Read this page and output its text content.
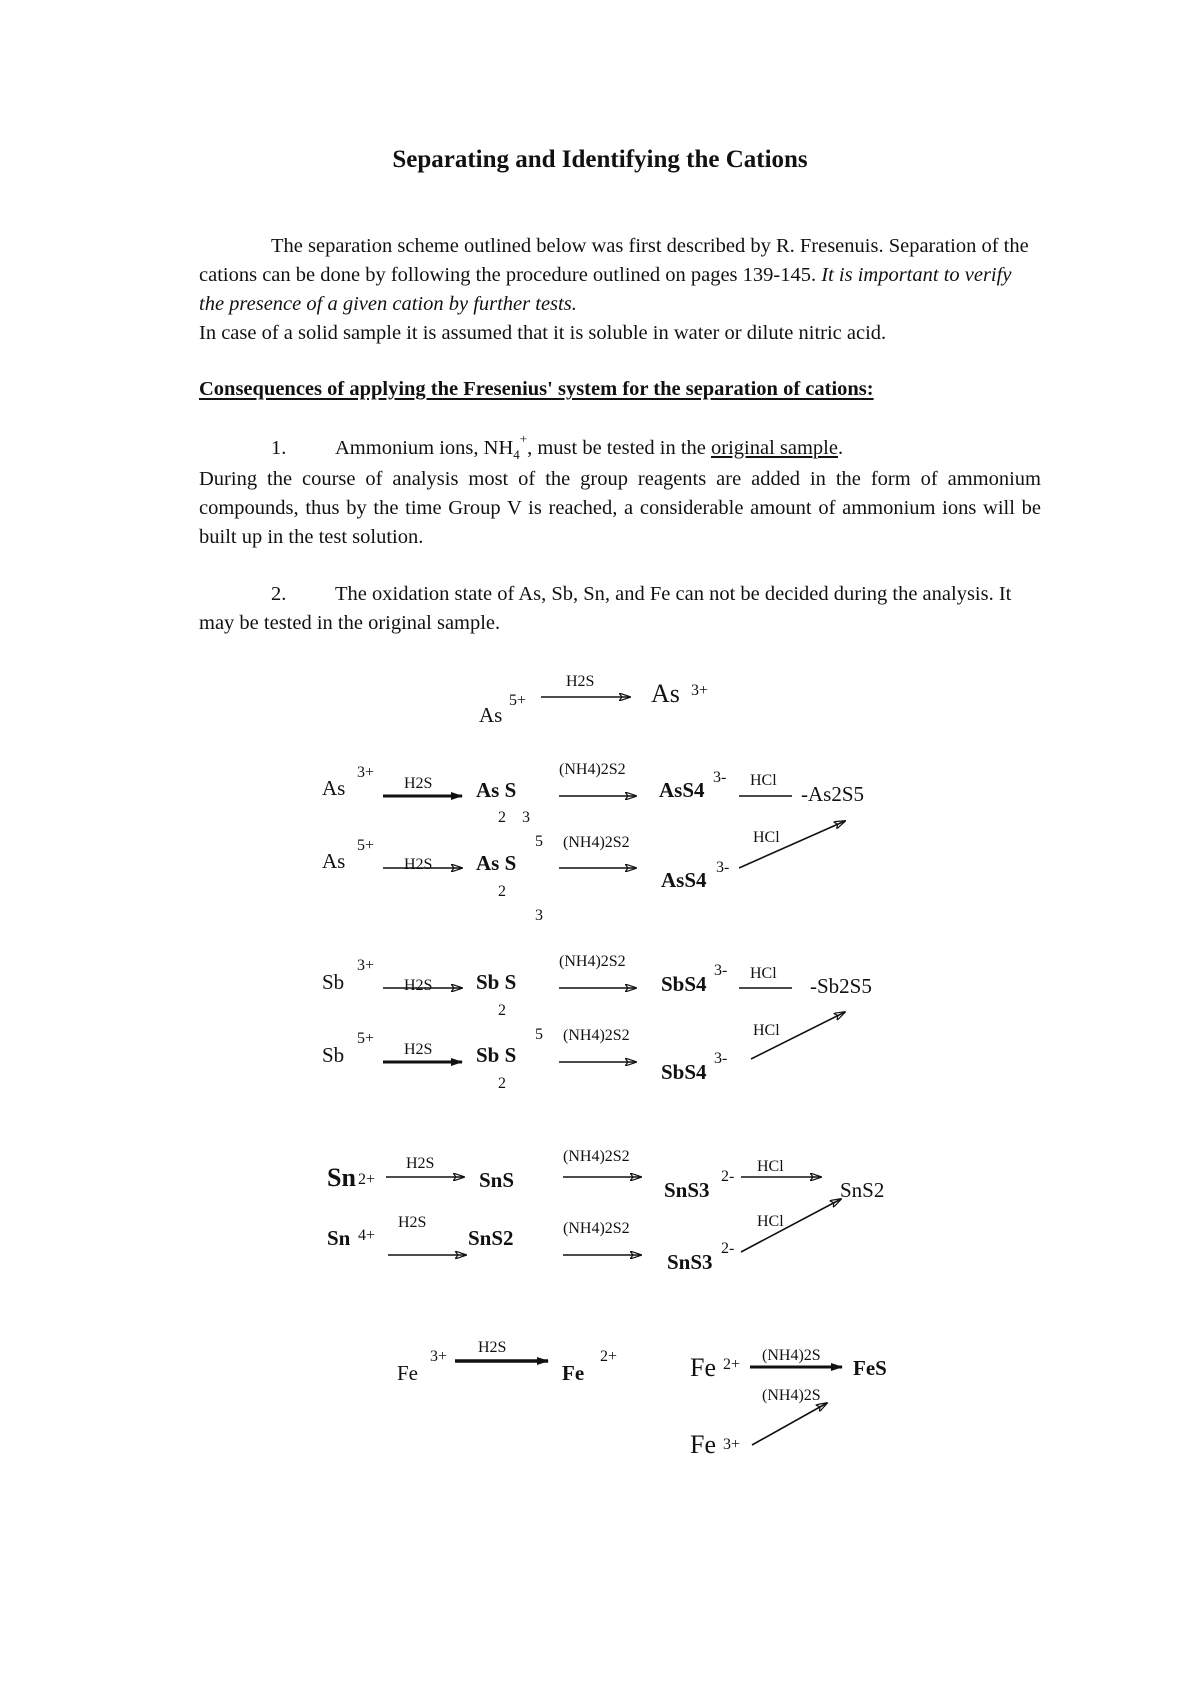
Separating and Identifying the Cations
The separation scheme outlined below was first described by R. Fresenuis. Separation of the cations can be done by following the procedure outlined on pages 139-145. It is important to verify the presence of a given cation by further tests.
In case of a solid sample it is assumed that it is soluble in water or dilute nitric acid.
Consequences of applying the Fresenius' system for the separation of cations:
1. Ammonium ions, $NH_4^+$, must be tested in the original sample.
During the course of analysis most of the group reagents are added in the form of ammonium compounds, thus by the time Group V is reached, a considerable amount of ammonium ions will be built up in the test solution.
2. The oxidation state of As, Sb, Sn, and Fe can not be decided during the analysis. It may be tested in the original sample.
As
5+
H2S As 3+
As
3+
H2S As S
2    3
(NH4)2S2
AsS4
3- HCl
-As2S5
As
5+
H2S As S
5
2
3
(NH4)2S2
AsS4
3-
HCl
Sb
3+
H2S Sb S
2
(NH4)2S2
SbS4
3- HCl
-Sb2S5
Sb
5+
H2S Sb S
5
2
(NH4)2S2
SbS4
3-
HCl
Sn 2+
H2S
SnS
(NH4)2S2
SnS3
2-
HCl
SnS2
Sn 4+
H2S
SnS2	(NH4)2S2
SnS3
2-
HCl
Fe
3+
H2S
Fe
2+	Fe 2+
(NH4)2S
FeS
(NH4)2S
Fe 3+
